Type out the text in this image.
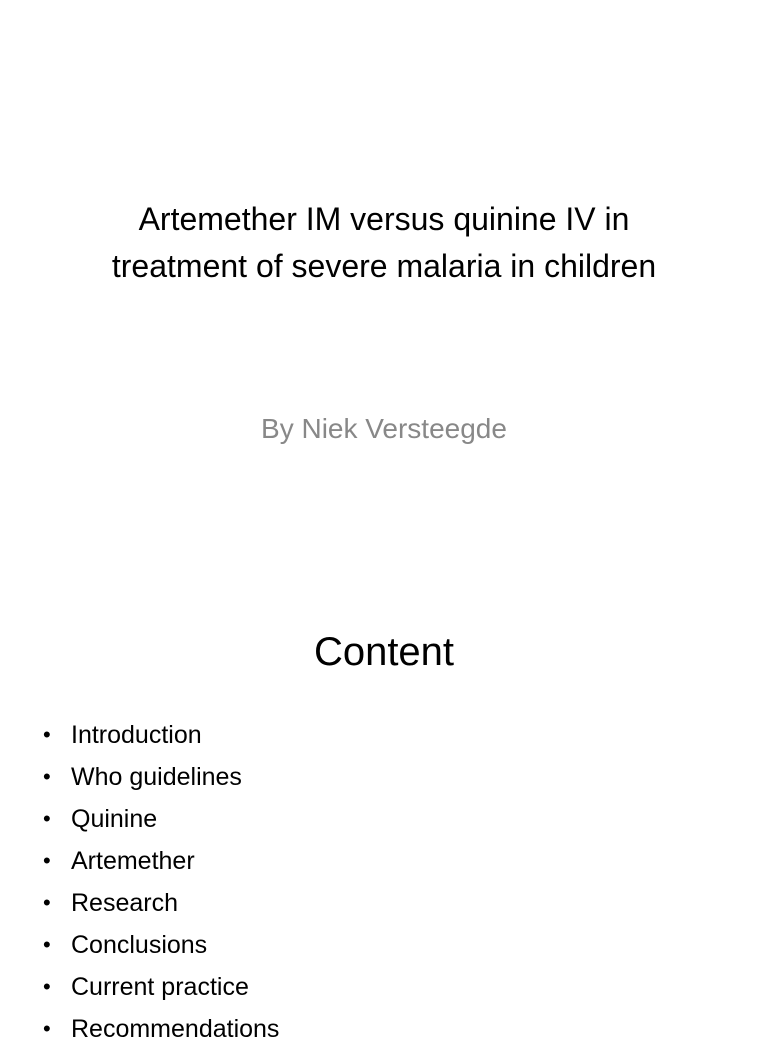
Artemether IM versus quinine IV in
treatment of severe malaria in children

By Niek Versteegde

Content
• Introduction
• Who guidelines
• Quinine
• Artemether
• Research
• Conclusions
• Current practice
• Recommendations
